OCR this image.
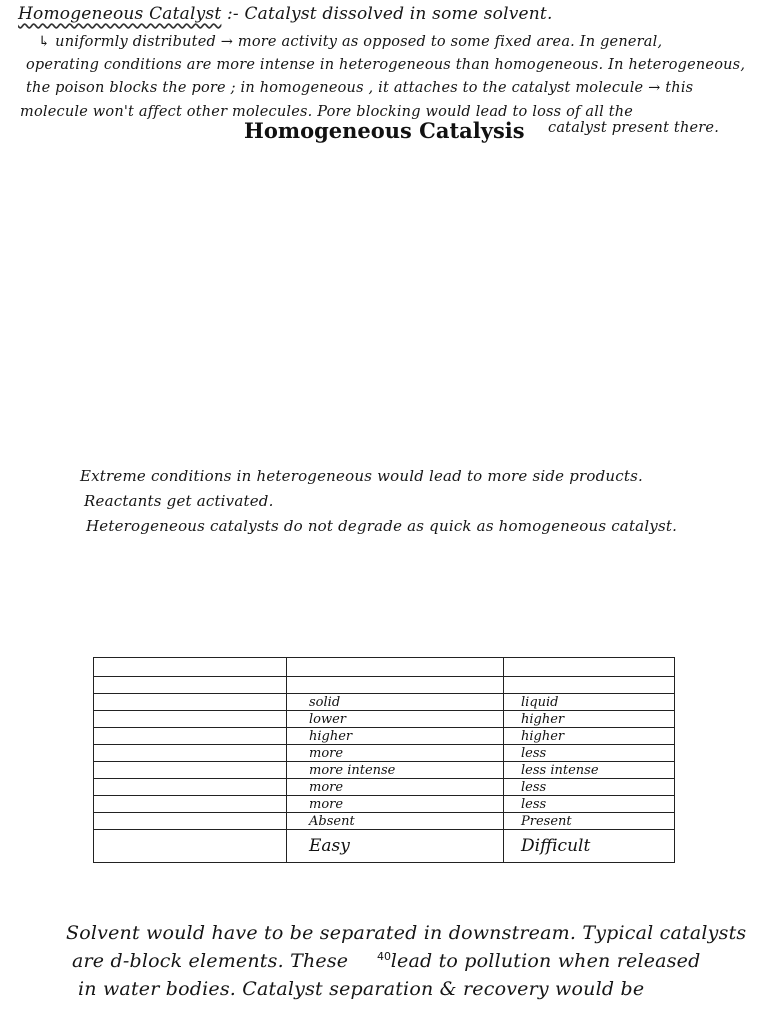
Homogeneous Catalyst :- Catalyst dissolved in some solvent.
↳ uniformly distributed → more activity as opposed to some fixed area. In general,
operating conditions are more intense in heterogeneous than homogeneous. In heterogeneous,
the poison blocks the pore ; in homogeneous , it attaches to the catalyst molecule → this
molecule won't affect other molecules. Pore blocking would lead to loss of all the
catalyst present there.
Homogeneous Catalysis
Extreme conditions in heterogeneous would lead to more side products.
Reactants get activated.
Heterogeneous catalysts do not degrade as quick as homogeneous catalyst.

	solid	liquid
	lower	higher
	higher	higher
	more	less
	more intense	less intense
	more	less
	more	less
	Absent	Present
	Easy	Difficult
Solvent would have to be separated in downstream. Typical catalysts
are d-block elements. These lead to pollution when released
in water bodies. Catalyst separation & recovery would be
40
